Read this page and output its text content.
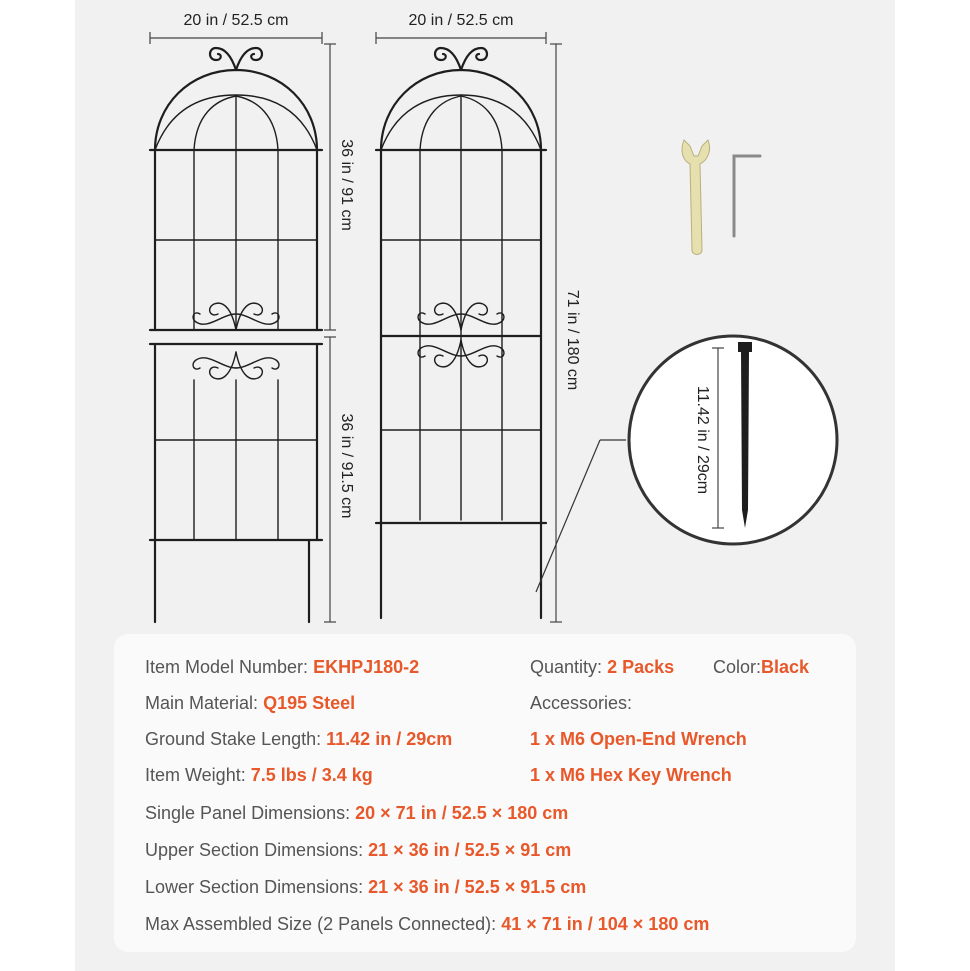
20 in / 52.5 cm
36 in / 91 cm
36 in / 91.5 cm
20 in / 52.5 cm
71 in / 180 cm
11.42 in / 29cm
Item Model Number: EKHPJ180-2	Quantity: 2 Packs Color:Black
Main Material: Q195 Steel	Accessories:
Ground Stake Length: 11.42 in / 29cm	1 x M6 Open-End Wrench
Item Weight: 7.5 lbs / 3.4 kg	1 x M6 Hex Key Wrench
Single Panel Dimensions: 20 × 71 in / 52.5 × 180 cm
Upper Section Dimensions: 21 × 36 in / 52.5 × 91 cm
Lower Section Dimensions: 21 × 36 in / 52.5 × 91.5 cm
Max Assembled Size (2 Panels Connected): 41 × 71 in / 104 × 180 cm
